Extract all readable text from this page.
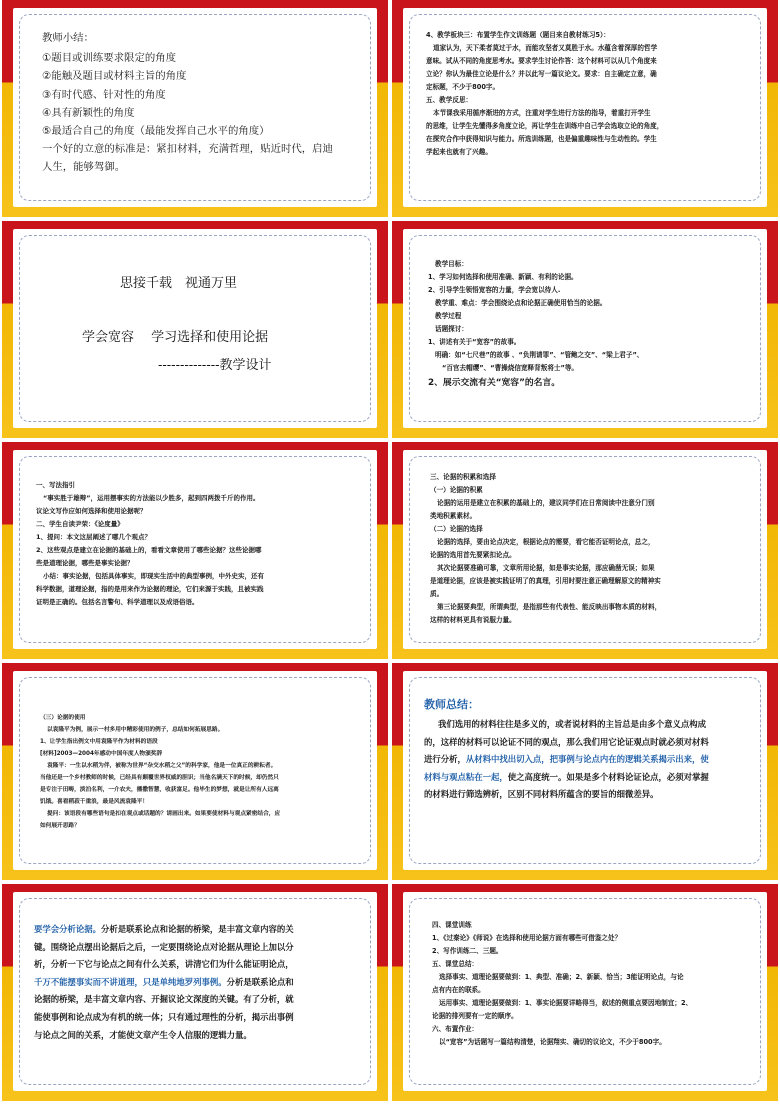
教师小结：
①题目或训练要求限定的角度
②能触及题目或材料主旨的角度
③有时代感、针对性的角度
④具有新颖性的角度
⑤最适合自己的角度（最能发挥自己水平的角度）
一个好的立意的标准是：紧扣材料，充满哲理，贴近时代，启迪
人生，能够驾御。
4、教学板块三：布置学生作文训练题（题目来自教材练习5）：
道家认为，天下柔者莫过于水，而能攻坚者又莫胜于水。水蕴含着深厚的哲学
意味。试从不同的角度思考水。要求学生讨论作答：这个材料可以从几个角度来
立论？你认为最佳立论是什么？并以此写一篇议论文。要求：自主确定立意，确
定标题，不少于800字。
五、教学反思：
本节课我采用循序渐进的方式，注重对学生进行方法的指导，着重打开学生
的思维，让学生先懂得多角度立论，再让学生在训练中自己学会选取立论的角度，
在探究合作中获得知识与能力。所选训练题，也是偏重趣味性与生动性的。学生
学起来也就有了兴趣。
思接千载　视通万里
学会宽容　 学习选择和使用论据
--------------教学设计
教学目标：
1、学习如何选择和使用准确、新颖、有利的论据。
2、引导学生领悟宽容的力量，学会宽以待人.
教学重、难点：学会围绕论点和论据正确使用恰当的论据。
教学过程
话题探讨：
1、讲述有关于“宽容”的故事。
明确：如“七尺巷”的故事 、“负荆请罪”、“管鲍之交”、“梁上君子”、
“百官去帽缨”、“曹操烧信宽释背叛将士”等。
2、展示交流有关“宽容”的名言。
一、写法指引
“事实胜于雄辩”，运用摆事实的方法能以少胜多，起到四两拨千斤的作用。
议论文写作应如何选择和使用论据呢？
二、学生自读尹荣：《论度量》
1、提问：本文这层阐述了哪几个观点？
2、这些观点是建立在论据的基础上的，看看文章使用了哪些论据？这些论据哪
些是道理论据，哪些是事实论据？
小结：事实论据，包括具体事实，即现实生活中的典型事例，中外史实，还有
科学数据，道理论据，指的是用来作为论据的理论，它们来源于实践，且被实践
证明是正确的。包括名言警句、科学道理以及成语俗语。
三、论据的积累和选择
（一）论据的积累
论据的运用是建立在积累的基础上的，建议同学们在日常阅读中注意分门别
类地积累素材。
（二）论据的选择
论据的选择，要由论点决定，根据论点的需要，看它能否证明论点，总之，
论据的选用首先要紧扣论点。
其次论据要准确可靠，文章所用论据，如是事实论据，那应确凿无误；如果
是道理论据，应该是被实践证明了的真理，引用时要注意正确理解原文的精神实
质。
第三论据要典型，所谓典型，是指那些有代表性、能反映出事物本质的材料，
这样的材料更具有说服力量。
（三）论据的使用
以袁隆平为例，展示一村多用中精彩使用的例子，总结如何拓展思路。
1、让学生指出例文中用袁隆平作为材料的语段
[材料]2003—2004年感动中国年度人物颁奖辞
袁隆平：一生以水稻为伴，被称为世界“杂交水稻之父”的科学家，他是一位真正的耕耘者。
当他还是一个乡村教师的时候，已经具有颠覆世界权威的胆识；当他名满天下的时候，却仍然只
是专注于田畴，淡泊名利，一介农夫，播撒智慧，收获富足。他毕生的梦想，就是让所有人远离
饥饿。喜看稻菽千重浪，最是风流袁隆平！
提问：该语段有哪些语句是扣在观点或话题的？请画出来。如果要使材料与观点紧密结合，应
如何展开思路？
教师总结：
我们选用的材料往往是多义的，或者说材料的主旨总是由多个意义点构成
的，这样的材料可以论证不同的观点，那么我们用它论证观点时就必须对材料
进行分析，从材料中找出切入点，把事例与论点内在的逻辑关系揭示出来，使
材料与观点粘在一起，使之高度统一。如果是多个材料论证论点，必须对掌握
的材料进行筛选辨析，区别不同材料所蕴含的要旨的细微差异。
要学会分析论据。分析是联系论点和论据的桥梁，是丰富文章内容的关
键。围绕论点摆出论据后之后，一定要围绕论点对论据从理论上加以分
析，分析一下它与论点之间有什么关系，讲清它们为什么能证明论点，
千万不能摆事实而不讲道理，只是单纯地罗列事例。分析是联系论点和
论据的桥梁，是丰富文章内容、开掘议论文深度的关键。有了分析，就
能使事例和论点成为有机的统一体；只有通过理性的分析，揭示出事例
与论点之间的关系，才能使文章产生令人信服的逻辑力量。
四、课堂训练
1、《过秦论》《师说》在选择和使用论据方面有哪些可借鉴之处？
2、写作训练二、三题。
五、课堂总结：
选择事实、道理论据要做到：1、典型、准确；2、新颖、恰当；3能证明论点，与论
点有内在的联系。
运用事实、道理论据要做到：1、事实论据要详略得当，叙述的侧重点要因地制宜；2、
论据的排列要有一定的顺序。
六、布置作业：
以“宽容”为话题写一篇结构清楚，论据翔实、确切的议论文，不少于800字。
